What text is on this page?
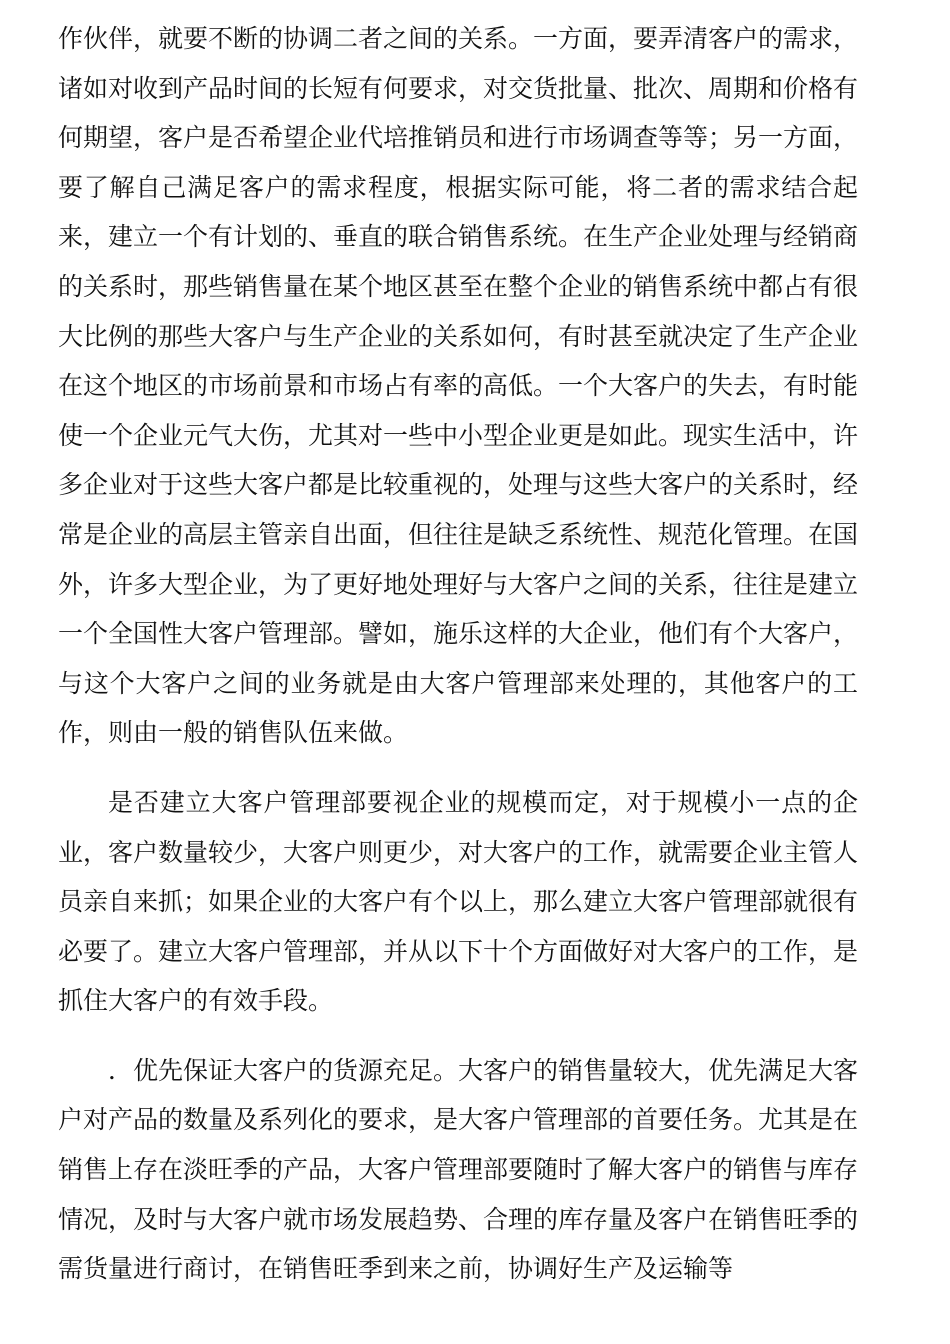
作伙伴，就要不断的协调二者之间的关系。一方面，要弄清客户的需求，诸如对收到产品时间的长短有何要求，对交货批量、批次、周期和价格有何期望，客户是否希望企业代培推销员和进行市场调查等等；另一方面，要了解自己满足客户的需求程度，根据实际可能，将二者的需求结合起来，建立一个有计划的、垂直的联合销售系统。在生产企业处理与经销商的关系时，那些销售量在某个地区甚至在整个企业的销售系统中都占有很大比例的那些大客户与生产企业的关系如何，有时甚至就决定了生产企业在这个地区的市场前景和市场占有率的高低。一个大客户的失去，有时能使一个企业元气大伤，尤其对一些中小型企业更是如此。现实生活中，许多企业对于这些大客户都是比较重视的，处理与这些大客户的关系时，经常是企业的高层主管亲自出面，但往往是缺乏系统性、规范化管理。在国外，许多大型企业，为了更好地处理好与大客户之间的关系，往往是建立一个全国性大客户管理部。譬如，施乐这样的大企业，他们有个大客户，与这个大客户之间的业务就是由大客户管理部来处理的，其他客户的工作，则由一般的销售队伍来做。

是否建立大客户管理部要视企业的规模而定，对于规模小一点的企业，客户数量较少，大客户则更少，对大客户的工作，就需要企业主管人员亲自来抓；如果企业的大客户有个以上，那么建立大客户管理部就很有必要了。建立大客户管理部，并从以下十个方面做好对大客户的工作，是抓住大客户的有效手段。

．优先保证大客户的货源充足。大客户的销售量较大，优先满足大客户对产品的数量及系列化的要求，是大客户管理部的首要任务。尤其是在销售上存在淡旺季的产品，大客户管理部要随时了解大客户的销售与库存情况，及时与大客户就市场发展趋势、合理的库存量及客户在销售旺季的需货量进行商讨，在销售旺季到来之前，协调好生产及运输等
